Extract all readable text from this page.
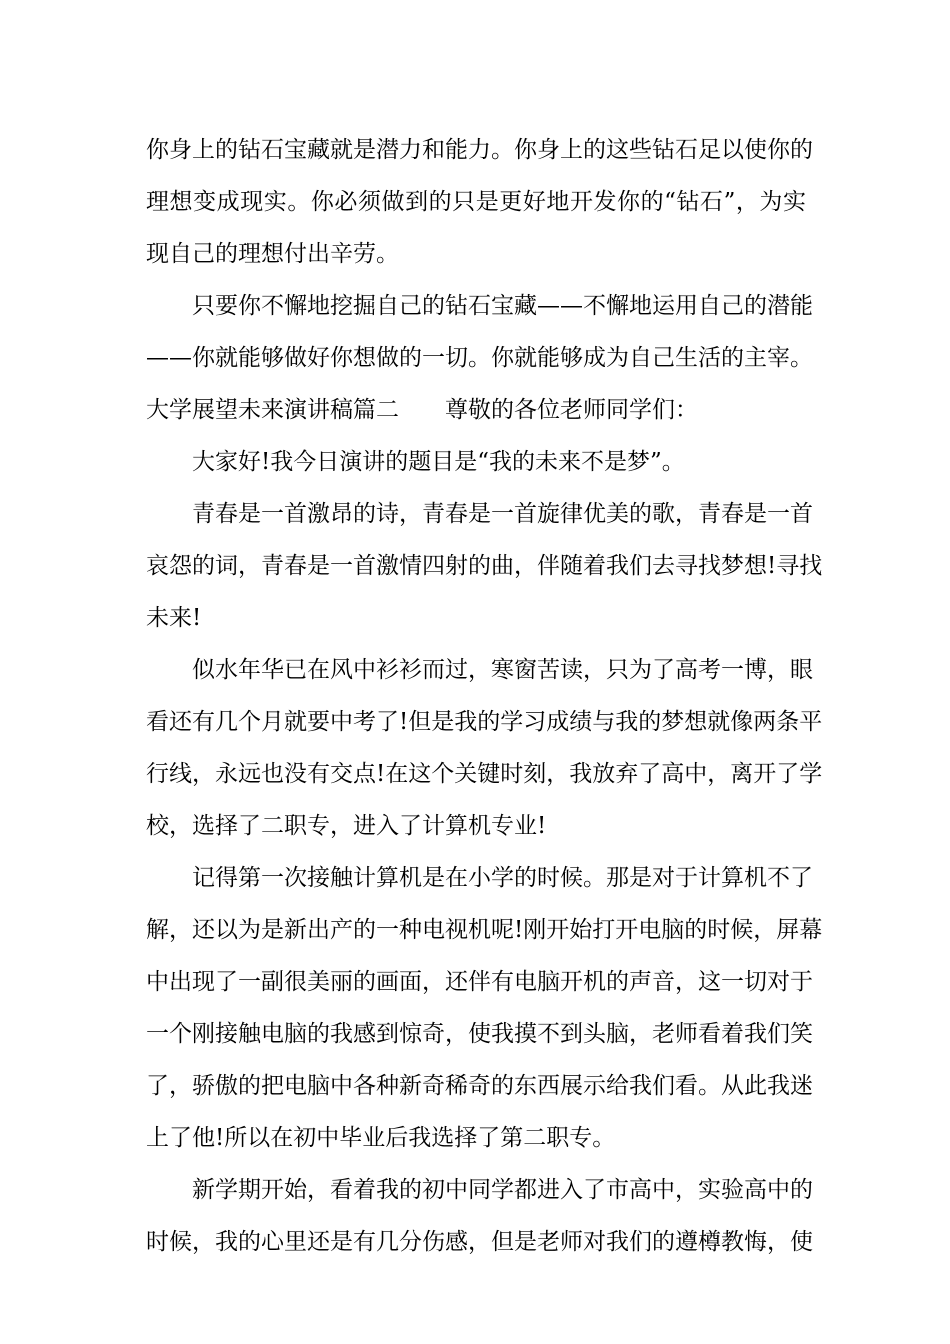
你身上的钻石宝藏就是潜力和能力。你身上的这些钻石足以使你的
理想变成现实。你必须做到的只是更好地开发你的“钻石”，为实
现自己的理想付出辛劳。
只要你不懈地挖掘自己的钻石宝藏——不懈地运用自己的潜能
——你就能够做好你想做的一切。你就能够成为自己生活的主宰。
大学展望未来演讲稿篇二 尊敬的各位老师同学们：
大家好!我今日演讲的题目是“我的未来不是梦”。
青春是一首激昂的诗，青春是一首旋律优美的歌，青春是一首
哀怨的词，青春是一首激情四射的曲，伴随着我们去寻找梦想!寻找
未来!
似水年华已在风中衫衫而过，寒窗苦读，只为了高考一博，眼
看还有几个月就要中考了!但是我的学习成绩与我的梦想就像两条平
行线，永远也没有交点!在这个关键时刻，我放弃了高中，离开了学
校，选择了二职专，进入了计算机专业!
记得第一次接触计算机是在小学的时候。那是对于计算机不了
解，还以为是新出产的一种电视机呢!刚开始打开电脑的时候，屏幕
中出现了一副很美丽的画面，还伴有电脑开机的声音，这一切对于
一个刚接触电脑的我感到惊奇，使我摸不到头脑，老师看着我们笑
了，骄傲的把电脑中各种新奇稀奇的东西展示给我们看。从此我迷
上了他!所以在初中毕业后我选择了第二职专。
新学期开始，看着我的初中同学都进入了市高中，实验高中的
时候，我的心里还是有几分伤感，但是老师对我们的遵樽教悔，使
